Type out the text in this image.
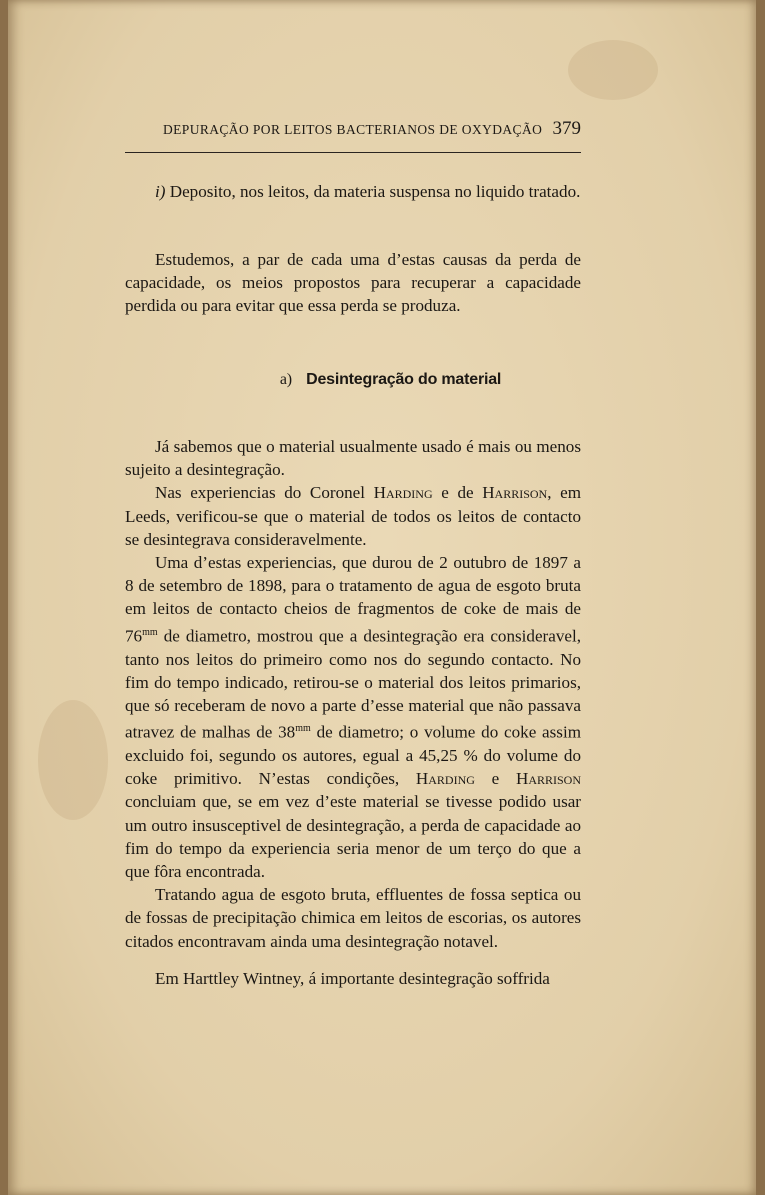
DEPURAÇÃO POR LEITOS BACTERIANOS DE OXYDAÇÃO 379

i) Deposito, nos leitos, da materia suspensa no liquido tratado.

Estudemos, a par de cada uma d’estas causas da perda de capacidade, os meios propostos para recuperar a capacidade perdida ou para evitar que essa perda se produza.

a) Desintegração do material

Já sabemos que o material usualmente usado é mais ou menos sujeito a desintegração.

Nas experiencias do Coronel Harding e de Harrison, em Leeds, verificou-se que o material de todos os leitos de contacto se desintegrava consideravelmente.

Uma d’estas experiencias, que durou de 2 outubro de 1897 a 8 de setembro de 1898, para o tratamento de agua de esgoto bruta em leitos de contacto cheios de fragmentos de coke de mais de $76^{mm}$ de diametro, mostrou que a desintegração era consideravel, tanto nos leitos do primeiro como nos do segundo contacto. No fim do tempo indicado, retirou-se o material dos leitos primarios, que só receberam de novo a parte d’esse material que não passava atravez de malhas de $38^{mm}$ de diametro; o volume do coke assim excluido foi, segundo os autores, egual a 45,25 % do volume do coke primitivo. N’estas condições, Harding e Harrison concluiam que, se em vez d’este material se tivesse podido usar um outro insusceptivel de desintegração, a perda de capacidade ao fim do tempo da experiencia seria menor de um terço do que a que fôra encontrada.

Tratando agua de esgoto bruta, effluentes de fossa septica ou de fossas de precipitação chimica em leitos de escorias, os autores citados encontravam ainda uma desintegração notavel.

Em Harttley Wintney, á importante desintegração soffrida
